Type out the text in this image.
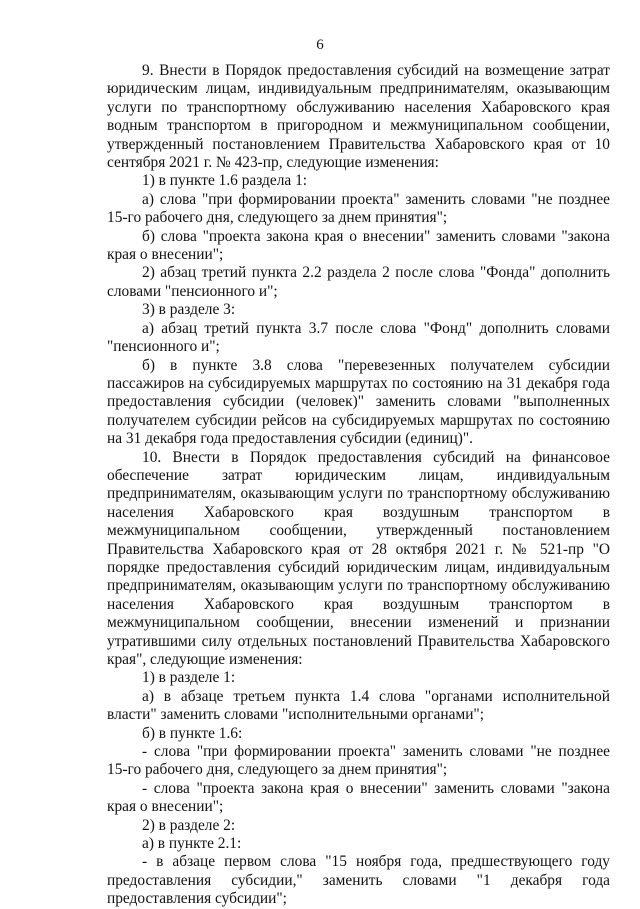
6

9. Внести в Порядок предоставления субсидий на возмещение затрат юридическим лицам, индивидуальным предпринимателям, оказывающим услуги по транспортному обслуживанию населения Хабаровского края водным транспортом в пригородном и межмуниципальном сообщении, утвержденный постановлением Правительства Хабаровского края от 10 сентября 2021 г. № 423-пр, следующие изменения:

1) в пункте 1.6 раздела 1:

а) слова "при формировании проекта" заменить словами "не позднее 15-го рабочего дня, следующего за днем принятия";

б) слова "проекта закона края о внесении" заменить словами "закона края о внесении";

2) абзац третий пункта 2.2 раздела 2 после слова "Фонда" дополнить словами "пенсионного и";

3) в разделе 3:

а) абзац третий пункта 3.7 после слова "Фонд" дополнить словами "пенсионного и";

б) в пункте 3.8 слова "перевезенных получателем субсидии пассажиров на субсидируемых маршрутах по состоянию на 31 декабря года предоставления субсидии (человек)" заменить словами "выполненных получателем субсидии рейсов на субсидируемых маршрутах по состоянию на 31 декабря года предоставления субсидии (единиц)".

10. Внести в Порядок предоставления субсидий на финансовое обеспечение затрат юридическим лицам, индивидуальным предпринимателям, оказывающим услуги по транспортному обслуживанию населения Хабаровского края воздушным транспортом в межмуниципальном сообщении, утвержденный постановлением Правительства Хабаровского края от 28 октября 2021 г. № 521-пр "О порядке предоставления субсидий юридическим лицам, индивидуальным предпринимателям, оказывающим услуги по транспортному обслуживанию населения Хабаровского края воздушным транспортом в межмуниципальном сообщении, внесении изменений и признании утратившими силу отдельных постановлений Правительства Хабаровского края", следующие изменения:

1) в разделе 1:

а) в абзаце третьем пункта 1.4 слова "органами исполнительной власти" заменить словами "исполнительными органами";

б) в пункте 1.6:

- слова "при формировании проекта" заменить словами "не позднее 15-го рабочего дня, следующего за днем принятия";

- слова "проекта закона края о внесении" заменить словами "закона края о внесении";

2) в разделе 2:

а) в пункте 2.1:

- в абзаце первом слова "15 ноября года, предшествующего году предоставления субсидии," заменить словами "1 декабря года предоставления субсидии";
